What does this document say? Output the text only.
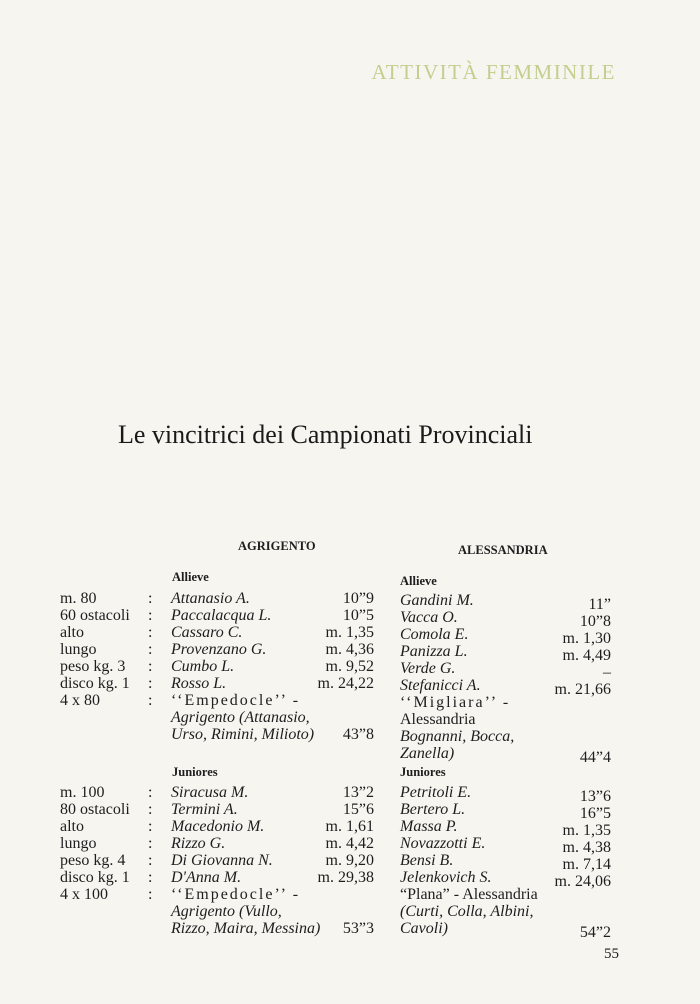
ATTIVITÀ FEMMINILE
Le vincitrici dei Campionati Provinciali
AGRIGENTO	ALESSANDRIA
Allieve	Allieve
Juniores	Juniores
m. 80	: Attanasio A.	10”9
60 ostacoli	: Paccalacqua L.	10”5
alto	: Cassaro C.	m. 1,35
lungo	: Provenzano G.	m. 4,36
peso kg. 3	: Cumbo L.	m. 9,52
disco kg. 1	: Rosso L.	m. 24,22
4 x 80	: ‘‘Empedocle’’ -
Agrigento (Attanasio,
Urso, Rimini, Milioto) 43”8
m. 100	: Siracusa M.	13”2
80 ostacoli	: Termini A.	15”6
alto	: Macedonio M.	m. 1,61
lungo	: Rizzo G.	m. 4,42
peso kg. 4	: Di Giovanna N.	m. 9,20
disco kg. 1	: D'Anna M.	m. 29,38
4 x 100	: ‘‘Empedocle’’ -
Agrigento (Vullo,
Rizzo, Maira, Messina) 53”3
Gandini M.	11”
Vacca O.	10”8
Comola E.	m. 1,30
Panizza L.	m. 4,49
Verde G.	–
Stefanicci A.	m. 21,66
‘‘Migliara’’ -
Alessandria
Bognanni, Bocca,
Zanella)	44”4
Petritoli E.	13”6
Bertero L.	16”5
Massa P.	m. 1,35
Novazzotti E.	m. 4,38
Bensi B.	m. 7,14
Jelenkovich S.	m. 24,06
“Plana” - Alessandria
(Curti, Colla, Albini,
Cavoli)	54”2
55
